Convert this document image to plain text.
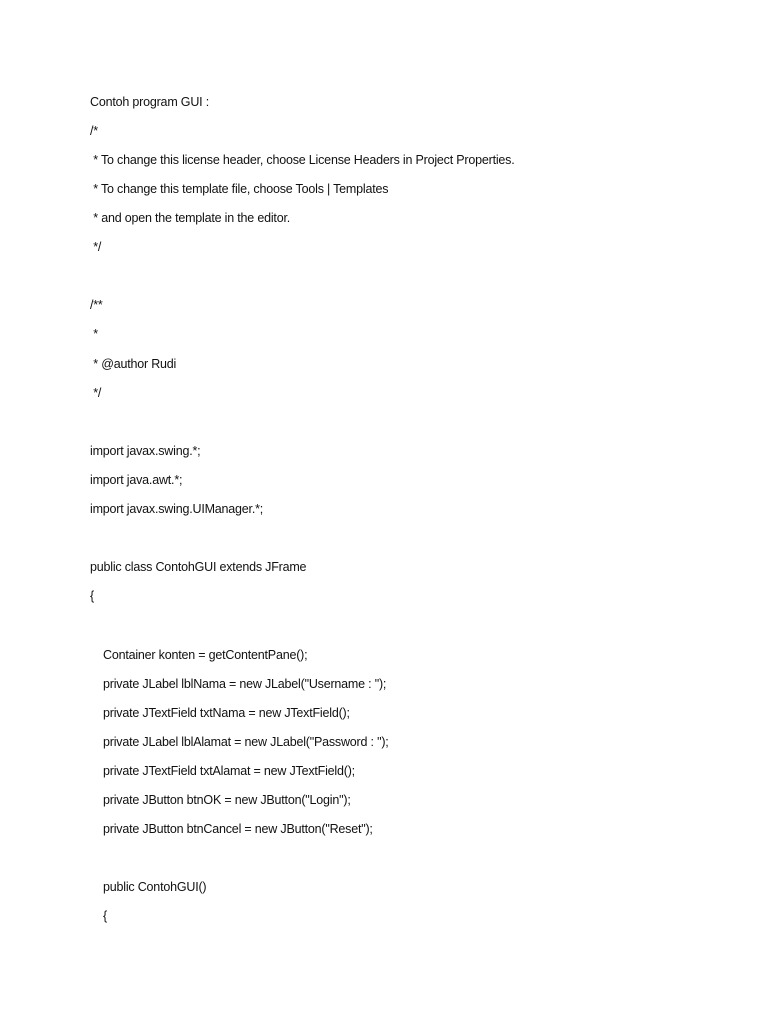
Contoh program GUI :
/*
* To change this license header, choose License Headers in Project Properties.
* To change this template file, choose Tools | Templates
* and open the template in the editor.
*/
/**
*
* @author Rudi
*/
import javax.swing.*;
import java.awt.*;
import javax.swing.UIManager.*;
public class ContohGUI extends JFrame
{
Container konten = getContentPane();
private JLabel lblNama = new JLabel("Username : ");
private JTextField txtNama = new JTextField();
private JLabel lblAlamat = new JLabel("Password : ");
private JTextField txtAlamat = new JTextField();
private JButton btnOK = new JButton("Login");
private JButton btnCancel = new JButton("Reset");
public ContohGUI()
{
